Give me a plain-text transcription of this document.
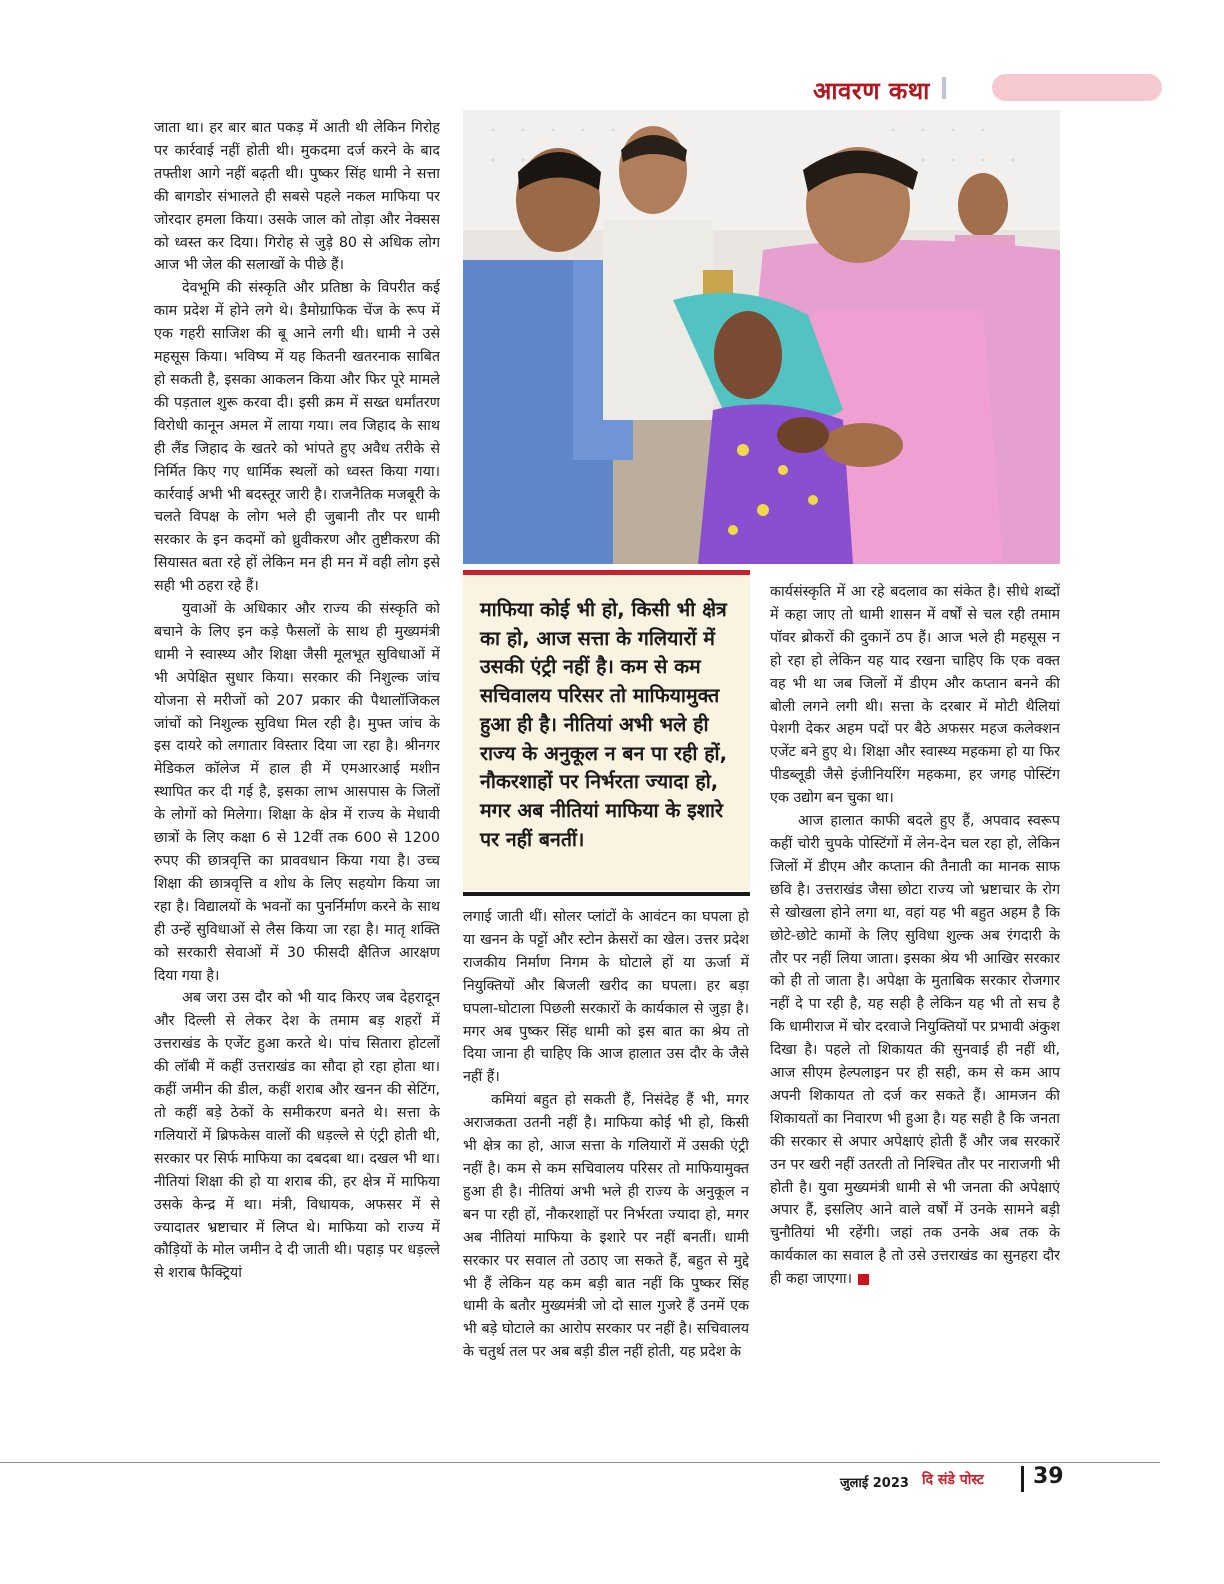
आवरण कथा

जाता था। हर बार बात पकड़ में आती थी लेकिन गिरोह पर कार्रवाई नहीं होती थी। मुकदमा दर्ज करने के बाद तफ्तीश आगे नहीं बढ़ती थी। पुष्कर सिंह धामी ने सत्ता की बागडोर संभालते ही सबसे पहले नकल माफिया पर जोरदार हमला किया। उसके जाल को तोड़ा और नेक्सस को ध्वस्त कर दिया। गिरोह से जुड़े 80 से अधिक लोग आज भी जेल की सलाखों के पीछे हैं।

देवभूमि की संस्कृति और प्रतिष्ठा के विपरीत कई काम प्रदेश में होने लगे थे। डैमोग्राफिक चेंज के रूप में एक गहरी साजिश की बू आने लगी थी। धामी ने उसे महसूस किया। भविष्य में यह कितनी खतरनाक साबित हो सकती है, इसका आकलन किया और फिर पूरे मामले की पड़ताल शुरू करवा दी। इसी क्रम में सख्त धर्मांतरण विरोधी कानून अमल में लाया गया। लव जिहाद के साथ ही लैंड जिहाद के खतरे को भांपते हुए अवैध तरीके से निर्मित किए गए धार्मिक स्थलों को ध्वस्त किया गया। कार्रवाई अभी भी बदस्तूर जारी है। राजनैतिक मजबूरी के चलते विपक्ष के लोग भले ही जुबानी तौर पर धामी सरकार के इन कदमों को ध्रुवीकरण और तुष्टीकरण की सियासत बता रहे हों लेकिन मन ही मन में वही लोग इसे सही भी ठहरा रहे हैं।

युवाओं के अधिकार और राज्य की संस्कृति को बचाने के लिए इन कड़े फैसलों के साथ ही मुख्यमंत्री धामी ने स्वास्थ्य और शिक्षा जैसी मूलभूत सुविधाओं में भी अपेक्षित सुधार किया। सरकार की निशुल्क जांच योजना से मरीजों को 207 प्रकार की पैथालॉजिकल जांचों को निशुल्क सुविधा मिल रही है। मुफ्त जांच के इस दायरे को लगातार विस्तार दिया जा रहा है। श्रीनगर मेडिकल कॉलेज में हाल ही में एमआरआई मशीन स्थापित कर दी गई है, इसका लाभ आसपास के जिलों के लोगों को मिलेगा। शिक्षा के क्षेत्र में राज्य के मेधावी छात्रों के लिए कक्षा 6 से 12वीं तक 600 से 1200 रुपए की छात्रवृत्ति का प्राववधान किया गया है। उच्च शिक्षा की छात्रवृत्ति व शोध के लिए सहयोग किया जा रहा है। विद्यालयों के भवनों का पुनर्निर्माण करने के साथ ही उन्हें सुविधाओं से लैस किया जा रहा है। मातृ शक्ति को सरकारी सेवाओं में 30 फीसदी क्षैतिज आरक्षण दिया गया है।

अब जरा उस दौर को भी याद किरए जब देहरादून और दिल्ली से लेकर देश के तमाम बड़ शहरों में उत्तराखंड के एजेंट हुआ करते थे। पांच सितारा होटलों की लॉबी में कहीं उत्तराखंड का सौदा हो रहा होता था। कहीं जमीन की डील, कहीं शराब और खनन की सेटिंग, तो कहीं बड़े ठेकों के समीकरण बनते थे। सत्ता के गलियारों में ब्रिफकेस वालों की धड़ल्ले से एंट्री होती थी, सरकार पर सिर्फ माफिया का दबदबा था। दखल भी था। नीतियां शिक्षा की हो या शराब की, हर क्षेत्र में माफिया उसके केन्द्र में था। मंत्री, विधायक, अफसर में से ज्यादातर भ्रष्टाचार में लिप्त थे। माफिया को राज्य में कौड़ियों के मोल जमीन दे दी जाती थी। पहाड़ पर धड़ल्ले से शराब फैक्ट्रियां

माफिया कोई भी हो, किसी भी क्षेत्र का हो, आज सत्ता के गलियारों में उसकी एंट्री नहीं है। कम से कम सचिवालय परिसर तो माफियामुक्त हुआ ही है। नीतियां अभी भले ही राज्य के अनुकूल न बन पा रही हों, नौकरशाहों पर निर्भरता ज्यादा हो, मगर अब नीतियां माफिया के इशारे पर नहीं बनतीं।

लगाई जाती थीं। सोलर प्लांटों के आवंटन का घपला हो या खनन के पट्टों और स्टोन क्रेसरों का खेल। उत्तर प्रदेश राजकीय निर्माण निगम के घोटाले हों या ऊर्जा में नियुक्तियों और बिजली खरीद का घपला। हर बड़ा घपला-घोटाला पिछली सरकारों के कार्यकाल से जुड़ा है। मगर अब पुष्कर सिंह धामी को इस बात का श्रेय तो दिया जाना ही चाहिए कि आज हालात उस दौर के जैसे नहीं हैं।

कमियां बहुत हो सकती हैं, निसंदेह हैं भी, मगर अराजकता उतनी नहीं है। माफिया कोई भी हो, किसी भी क्षेत्र का हो, आज सत्ता के गलियारों में उसकी एंट्री नहीं है। कम से कम सचिवालय परिसर तो माफियामुक्त हुआ ही है। नीतियां अभी भले ही राज्य के अनुकूल न बन पा रही हों, नौकरशाहों पर निर्भरता ज्यादा हो, मगर अब नीतियां माफिया के इशारे पर नहीं बनतीं। धामी सरकार पर सवाल तो उठाए जा सकते हैं, बहुत से मुद्दे भी हैं लेकिन यह कम बड़ी बात नहीं कि पुष्कर सिंह धामी के बतौर मुख्यमंत्री जो दो साल गुजरे हैं उनमें एक भी बड़े घोटाले का आरोप सरकार पर नहीं है। सचिवालय के चतुर्थ तल पर अब बड़ी डील नहीं होती, यह प्रदेश के

कार्यसंस्कृति में आ रहे बदलाव का संकेत है। सीधे शब्दों में कहा जाए तो धामी शासन में वर्षों से चल रही तमाम पॉवर ब्रोकरों की दुकानें ठप हैं। आज भले ही महसूस न हो रहा हो लेकिन यह याद रखना चाहिए कि एक वक्त वह भी था जब जिलों में डीएम और कप्तान बनने की बोली लगने लगी थी। सत्ता के दरबार में मोटी थैलियां पेशगी देकर अहम पदों पर बैठे अफसर महज कलेक्शन एजेंट बने हुए थे। शिक्षा और स्वास्थ्य महकमा हो या फिर पीडब्लूडी जैसे इंजीनियरिंग महकमा, हर जगह पोस्टिंग एक उद्योग बन चुका था।

आज हालात काफी बदले हुए हैं, अपवाद स्वरूप कहीं चोरी चुपके पोस्टिंगों में लेन-देन चल रहा हो, लेकिन जिलों में डीएम और कप्तान की तैनाती का मानक साफ छवि है। उत्तराखंड जैसा छोटा राज्य जो भ्रष्टाचार के रोग से खोखला होने लगा था, वहां यह भी बहुत अहम है कि छोटे-छोटे कामों के लिए सुविधा शुल्क अब रंगदारी के तौर पर नहीं लिया जाता। इसका श्रेय भी आखिर सरकार को ही तो जाता है। अपेक्षा के मुताबिक सरकार रोजगार नहीं दे पा रही है, यह सही है लेकिन यह भी तो सच है कि धामीराज में चोर दरवाजे नियुक्तियों पर प्रभावी अंकुश दिखा है। पहले तो शिकायत की सुनवाई ही नहीं थी, आज सीएम हेल्पलाइन पर ही सही, कम से कम आप अपनी शिकायत तो दर्ज कर सकते हैं। आमजन की शिकायतों का निवारण भी हुआ है। यह सही है कि जनता की सरकार से अपार अपेक्षाएं होती हैं और जब सरकारें उन पर खरी नहीं उतरती तो निश्चित तौर पर नाराजगी भी होती है। युवा मुख्यमंत्री धामी से भी जनता की अपेक्षाएं अपार हैं, इसलिए आने वाले वर्षों में उनके सामने बड़ी चुनौतियां भी रहेंगी। जहां तक उनके अब तक के कार्यकाल का सवाल है तो उसे उत्तराखंड का सुनहरा दौर ही कहा जाएगा।

जुलाई 2023 दि संडे पोस्ट 39
